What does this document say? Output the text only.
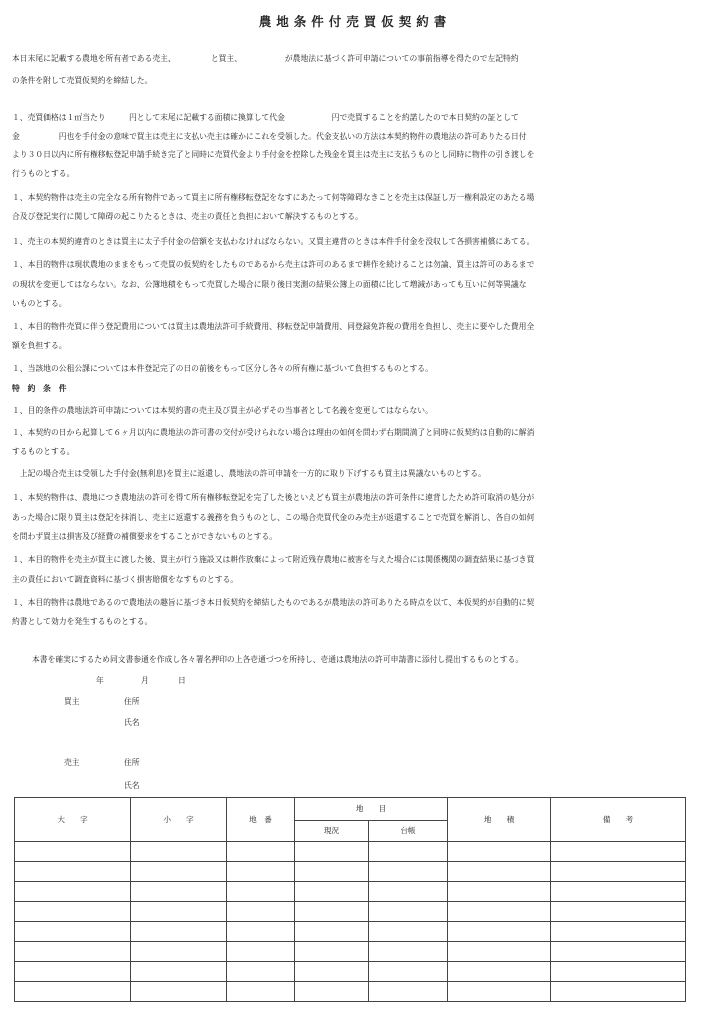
農地条件付売買仮契約書
本日末尾に記載する農地を所有者である売主、　　　　　と買主、　　　　　　が農地法に基づく許可申請についての事前指導を得たので左記特約
の条件を附して売買仮契約を締結した。
１、売買価格は１㎡当たり　　　円として末尾に記載する面積に換算して代金　　　　　　円で売買することを約諾したので本日契約の証として
金　　　　　円也を手付金の意味で買主は売主に支払い売主は確かにこれを受領した。代金支払いの方法は本契約物件の農地法の許可ありたる日付
より３０日以内に所有権移転登記申請手続き完了と同時に売買代金より手付金を控除した残金を買主は売主に支払うものとし同時に物件の引き渡しを
行うものとする。
１、本契約物件は売主の完全なる所有物件であって買主に所有権移転登記をなすにあたって何等障碍なきことを売主は保証し万一権利設定のあたる場
合及び登記実行に関して障碍の起こりたるときは、売主の責任と負担において解決するものとする。
１、売主の本契約違背のときは買主に太子手付金の倍額を支払わなければならない。又買主違背のときは本件手付金を没収して各損害補償にあてる。
１、本目的物件は現状農地のままをもって売買の仮契約をしたものであるから売主は許可のあるまで耕作を続けることは勿論、買主は許可のあるまで
の現状を変更してはならない。なお、公簿地積をもって売買した場合に限り後日実測の結果公簿上の面積に比して増減があっても互いに何等異議な
いものとする。
１、本目的物件売買に伴う登記費用については買主は農地法許可手続費用、移転登記申請費用、同登録免許税の費用を負担し、売主に要やした費用全
額を負担する。
１、当該地の公租公課については本件登記完了の日の前後をもって区分し各々の所有権に基づいて負担するものとする。
特　約　条　件
１、目的条件の農地法許可申請については本契約書の売主及び買主が必ずその当事者として名義を変更してはならない。
１、本契約の日から起算して６ヶ月以内に農地法の許可書の交付が受けられない場合は理由の如何を問わず右期間満了と同時に仮契約は自動的に解消
するものとする。
　上記の場合売主は受領した手付金(無利息)を買主に返還し、農地法の許可申請を一方的に取り下げするも買主は異議ないものとする。
１、本契約物件は、農地につき農地法の許可を得て所有権移転登記を完了した後といえども買主が農地法の許可条件に違背したため許可取消の処分が
あった場合に限り買主は登記を抹消し、売主に返還する義務を負うものとし、この場合売買代金のみ売主が返還することで売買を解消し、各自の如何
を問わず買主は損害及び経費の補償要求をすることができないものとする。
１、本目的物件を売主が買主に渡した後、買主が行う施設又は耕作放棄によって附近残存農地に被害を与えた場合には関係機関の調査結果に基づき買
主の責任において調査資料に基づく損害賠償をなすものとする。
１、本目的物件は農地であるので農地法の趣旨に基づき本日仮契約を締結したものであるが農地法の許可ありたる時点を以て、本仮契約が自動的に契
約書として効力を発生するものとする。
本書を確実にするため同文書参通を作成し各々署名押印の上各壱通づつを所持し、壱通は農地法の許可申請書に添付し提出するものとする。
年	月	日
買主	住所
氏名
売主	住所
氏名
大　　字	小　　字	地　番	地　　目		地　　積	備　　考
			現況	台帳		
